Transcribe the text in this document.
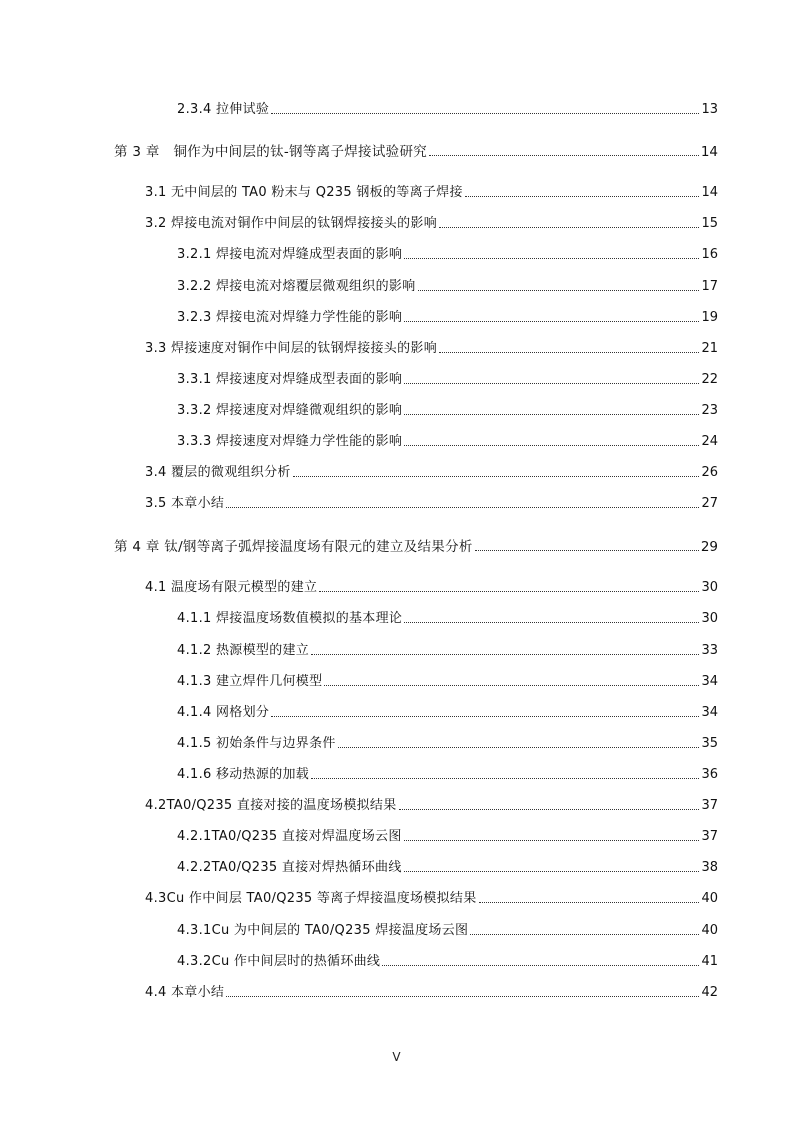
2.3.4 拉伸试验	13
第 3 章　铜作为中间层的钛-钢等离子焊接试验研究	14
3.1 无中间层的 TA0 粉末与 Q235 钢板的等离子焊接	14
3.2 焊接电流对铜作中间层的钛钢焊接接头的影响	15
3.2.1 焊接电流对焊缝成型表面的影响	16
3.2.2 焊接电流对熔覆层微观组织的影响	17
3.2.3 焊接电流对焊缝力学性能的影响	19
3.3 焊接速度对铜作中间层的钛钢焊接接头的影响	21
3.3.1 焊接速度对焊缝成型表面的影响	22
3.3.2 焊接速度对焊缝微观组织的影响	23
3.3.3 焊接速度对焊缝力学性能的影响	24
3.4 覆层的微观组织分析	26
3.5 本章小结	27
第 4 章 钛/钢等离子弧焊接温度场有限元的建立及结果分析	29
4.1 温度场有限元模型的建立	30
4.1.1 焊接温度场数值模拟的基本理论	30
4.1.2 热源模型的建立	33
4.1.3 建立焊件几何模型	34
4.1.4 网格划分	34
4.1.5 初始条件与边界条件	35
4.1.6 移动热源的加载	36
4.2TA0/Q235 直接对接的温度场模拟结果	37
4.2.1TA0/Q235 直接对焊温度场云图	37
4.2.2TA0/Q235 直接对焊热循环曲线	38
4.3Cu 作中间层 TA0/Q235 等离子焊接温度场模拟结果	40
4.3.1Cu 为中间层的 TA0/Q235 焊接温度场云图	40
4.3.2Cu 作中间层时的热循环曲线	41
4.4 本章小结	42
V
